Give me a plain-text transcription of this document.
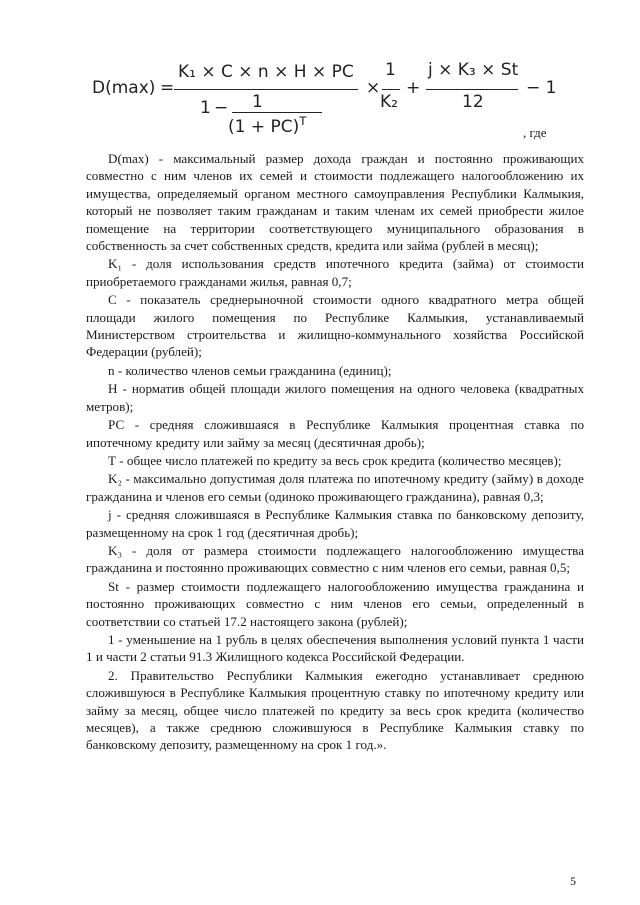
D(max) =
K₁ × C × n × H × PC
1 − 1
(1 + PC)$^T$
×
1
K₂
+
j × K₃ × St
12
− 1
, где

D(max) - максимальный размер дохода граждан и постоянно проживающих совместно с ним членов их семей и стоимости подлежащего налогообложению их имущества, определяемый органом местного самоуправления Республики Калмыкия, который не позволяет таким гражданам и таким членам их семей приобрести жилое помещение на территории соответствующего муниципального образования в собственность за счет собственных средств, кредита или займа (рублей в месяц);

K₁ - доля использования средств ипотечного кредита (займа) от стоимости приобретаемого гражданами жилья, равная 0,7;

С - показатель среднерыночной стоимости одного квадратного метра общей площади жилого помещения по Республике Калмыкия, устанавливаемый Министерством строительства и жилищно-коммунального хозяйства Российской Федерации (рублей);

n - количество членов семьи гражданина (единиц);

Н - норматив общей площади жилого помещения на одного человека (квадратных метров);

РС - средняя сложившаяся в Республике Калмыкия процентная ставка по ипотечному кредиту или займу за месяц (десятичная дробь);

Т - общее число платежей по кредиту за весь срок кредита (количество месяцев);

K₂ - максимально допустимая доля платежа по ипотечному кредиту (займу) в доходе гражданина и членов его семьи (одиноко проживающего гражданина), равная 0,3;

j - средняя сложившаяся в Республике Калмыкия ставка по банковскому депозиту, размещенному на срок 1 год (десятичная дробь);

K₃ - доля от размера стоимости подлежащего налогообложению имущества гражданина и постоянно проживающих совместно с ним членов его семьи, равная 0,5;

St - размер стоимости подлежащего налогообложению имущества гражданина и постоянно проживающих совместно с ним членов его семьи, определенный в соответствии со статьей 17.2 настоящего закона (рублей);

1 - уменьшение на 1 рубль в целях обеспечения выполнения условий пункта 1 части 1 и части 2 статьи 91.3 Жилищного кодекса Российской Федерации.

2. Правительство Республики Калмыкия ежегодно устанавливает среднюю сложившуюся в Республике Калмыкия процентную ставку по ипотечному кредиту или займу за месяц, общее число платежей по кредиту за весь срок кредита (количество месяцев), а также среднюю сложившуюся в Республике Калмыкия ставку по банковскому депозиту, размещенному на срок 1 год.».

5
